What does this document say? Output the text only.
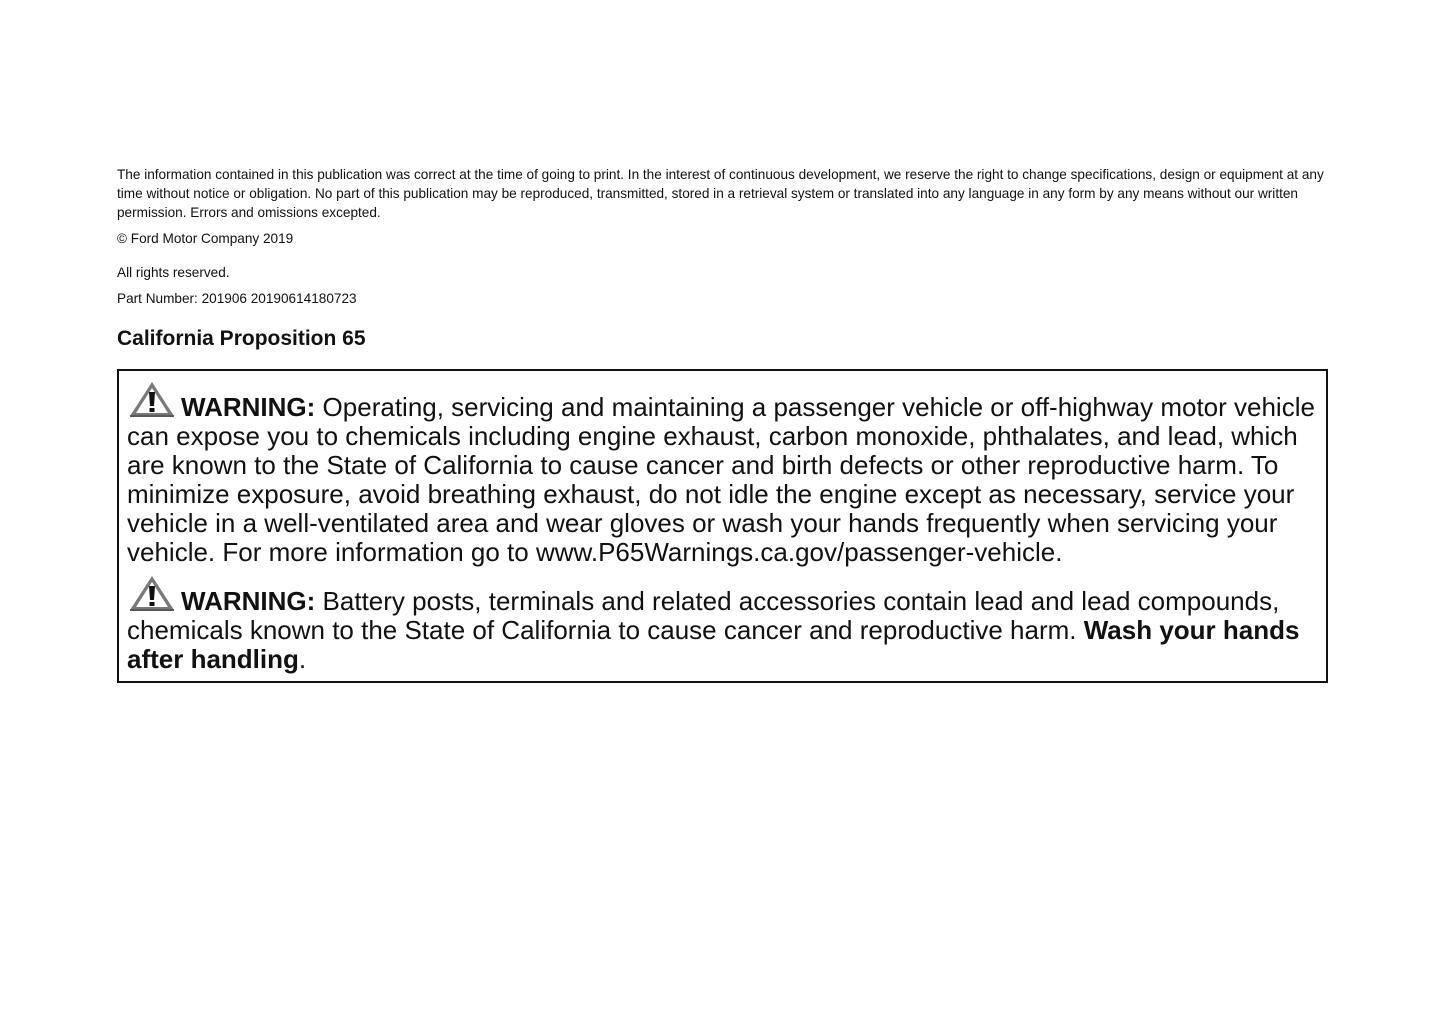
The information contained in this publication was correct at the time of going to print. In the interest of continuous development, we reserve the right to change specifications, design or equipment at any time without notice or obligation. No part of this publication may be reproduced, transmitted, stored in a retrieval system or translated into any language in any form by any means without our written permission. Errors and omissions excepted.

© Ford Motor Company 2019

All rights reserved.

Part Number: 201906 20190614180723

California Proposition 65

WARNING: Operating, servicing and maintaining a passenger vehicle or off-highway motor vehicle can expose you to chemicals including engine exhaust, carbon monoxide, phthalates, and lead, which are known to the State of California to cause cancer and birth defects or other reproductive harm. To minimize exposure, avoid breathing exhaust, do not idle the engine except as necessary, service your vehicle in a well-ventilated area and wear gloves or wash your hands frequently when servicing your vehicle. For more information go to www.P65Warnings.ca.gov/passenger-vehicle.

WARNING: Battery posts, terminals and related accessories contain lead and lead compounds, chemicals known to the State of California to cause cancer and reproductive harm. Wash your hands after handling.
